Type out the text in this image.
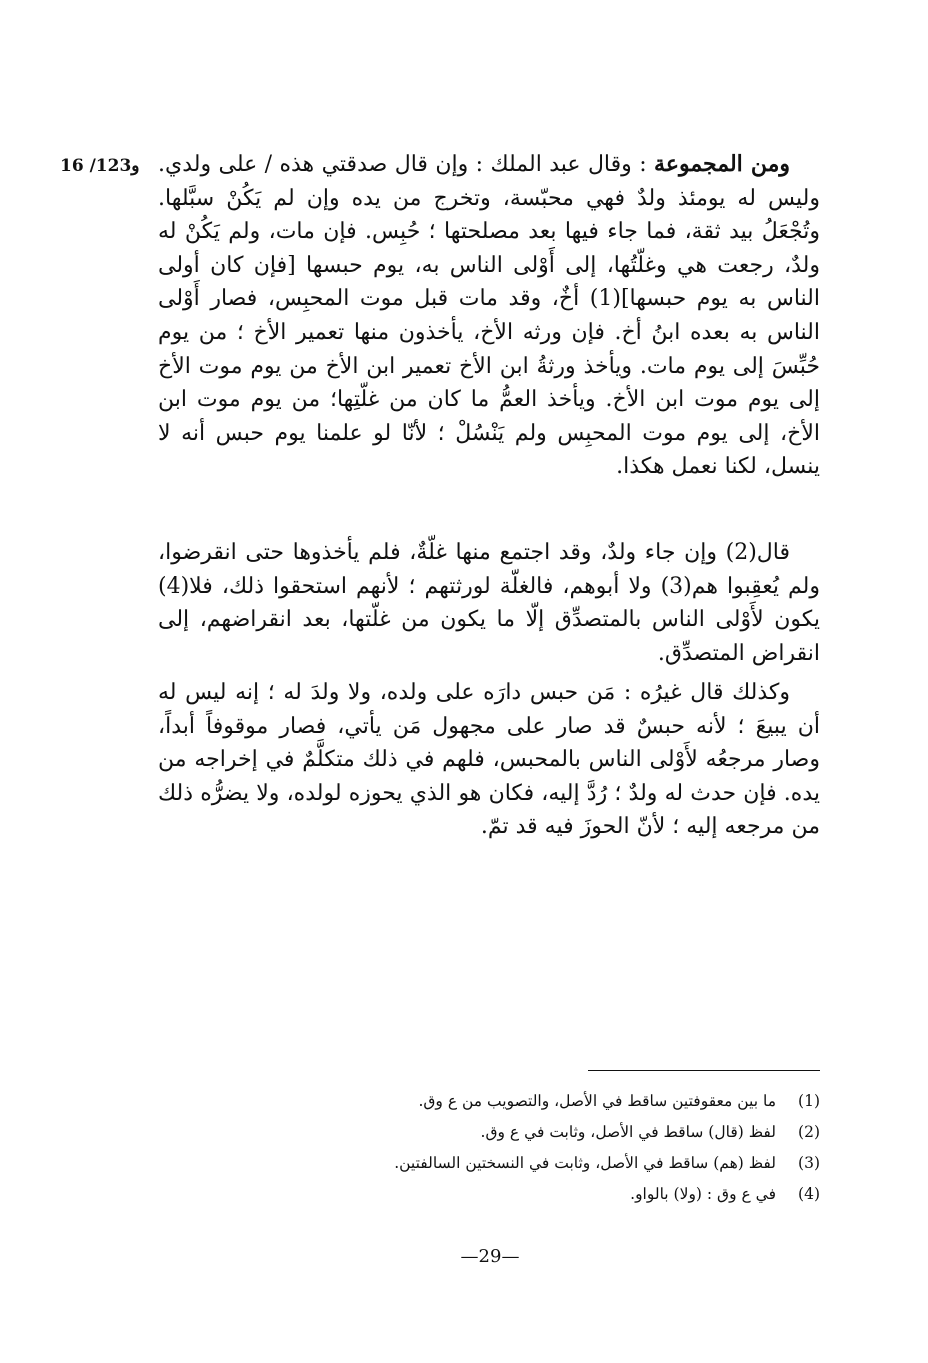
16 /123و	ومن المجموعة : وقال عبد الملك : وإن قال صدقتي هذه / على ولدي. وليس له يومئذ ولدٌ فهي محبّسة، وتخرج من يده وإن لم يَكُنْ سبَّلها. وتُجْعَلُ بيد ثقة، فما جاء فيها بعد مصلحتها ؛ حُبِس. فإن مات، ولم يَكُنْ له ولدٌ، رجعت هي وغلّتُها، إلى أَوْلى الناس به، يوم حبسها [فإن كان أولى الناس به يوم حبسها](1) أخٌ، وقد مات قبل موت المحبِس، فصار أَوْلى الناس به بعده ابنُ أخ. فإن ورثه الأخ، يأخذون منها تعمير الأخ ؛ من يوم حُبِّسَ إلى يوم مات. ويأخذ ورثةُ ابن الأخ تعمير ابن الأخ من يوم موت الأخ إلى يوم موت ابن الأخ. ويأخذ العمُّ ما كان من غلّتِها؛ من يوم موت ابن الأخ، إلى يوم موت المحبِس ولم يَنْسُلْ ؛ لأنّا لو علمنا يوم حبس أنه لا ينسل، لكنا نعمل هكذا.

قال(2) وإن جاء ولدٌ، وقد اجتمع منها غلّةٌ، فلم يأخذوها حتى انقرضوا، ولم يُعقِبوا هم(3) ولا أبوهم، فالغلّة لورثتهم ؛ لأنهم استحقوا ذلك، فلا(4) يكون لأَوْلى الناس بالمتصدِّق إلّا ما يكون من غلّتها، بعد انقراضهم، إلى انقراض المتصدِّق.

وكذلك قال غيرُه : مَن حبس دارَه على ولده، ولا ولدَ له ؛ إنه ليس له أن يبيعَ ؛ لأنه حبسٌ قد صار على مجهول مَن يأتي، فصار موقوفاً أبداً، وصار مرجعُه لأَوْلى الناس بالمحبس، فلهم في ذلك متكلَّمٌ في إخراجه من يده. فإن حدث له ولدٌ ؛ رُدَّ إليه، فكان هو الذي يحوزه لولده، ولا يضرُّه ذلك من مرجعه إليه ؛ لأنّ الحوزَ فيه قد تمّ.

(1)
ما بين معقوفتين ساقط في الأصل، والتصويب من ع وق.
(2)
لفظ (قال) ساقط في الأصل، وثابت في ع وق.
(3)
لفظ (هم) ساقط في الأصل، وثابت في النسختين السالفتين.
(4)
في ع وق : (ولا) بالواو.
—29—
